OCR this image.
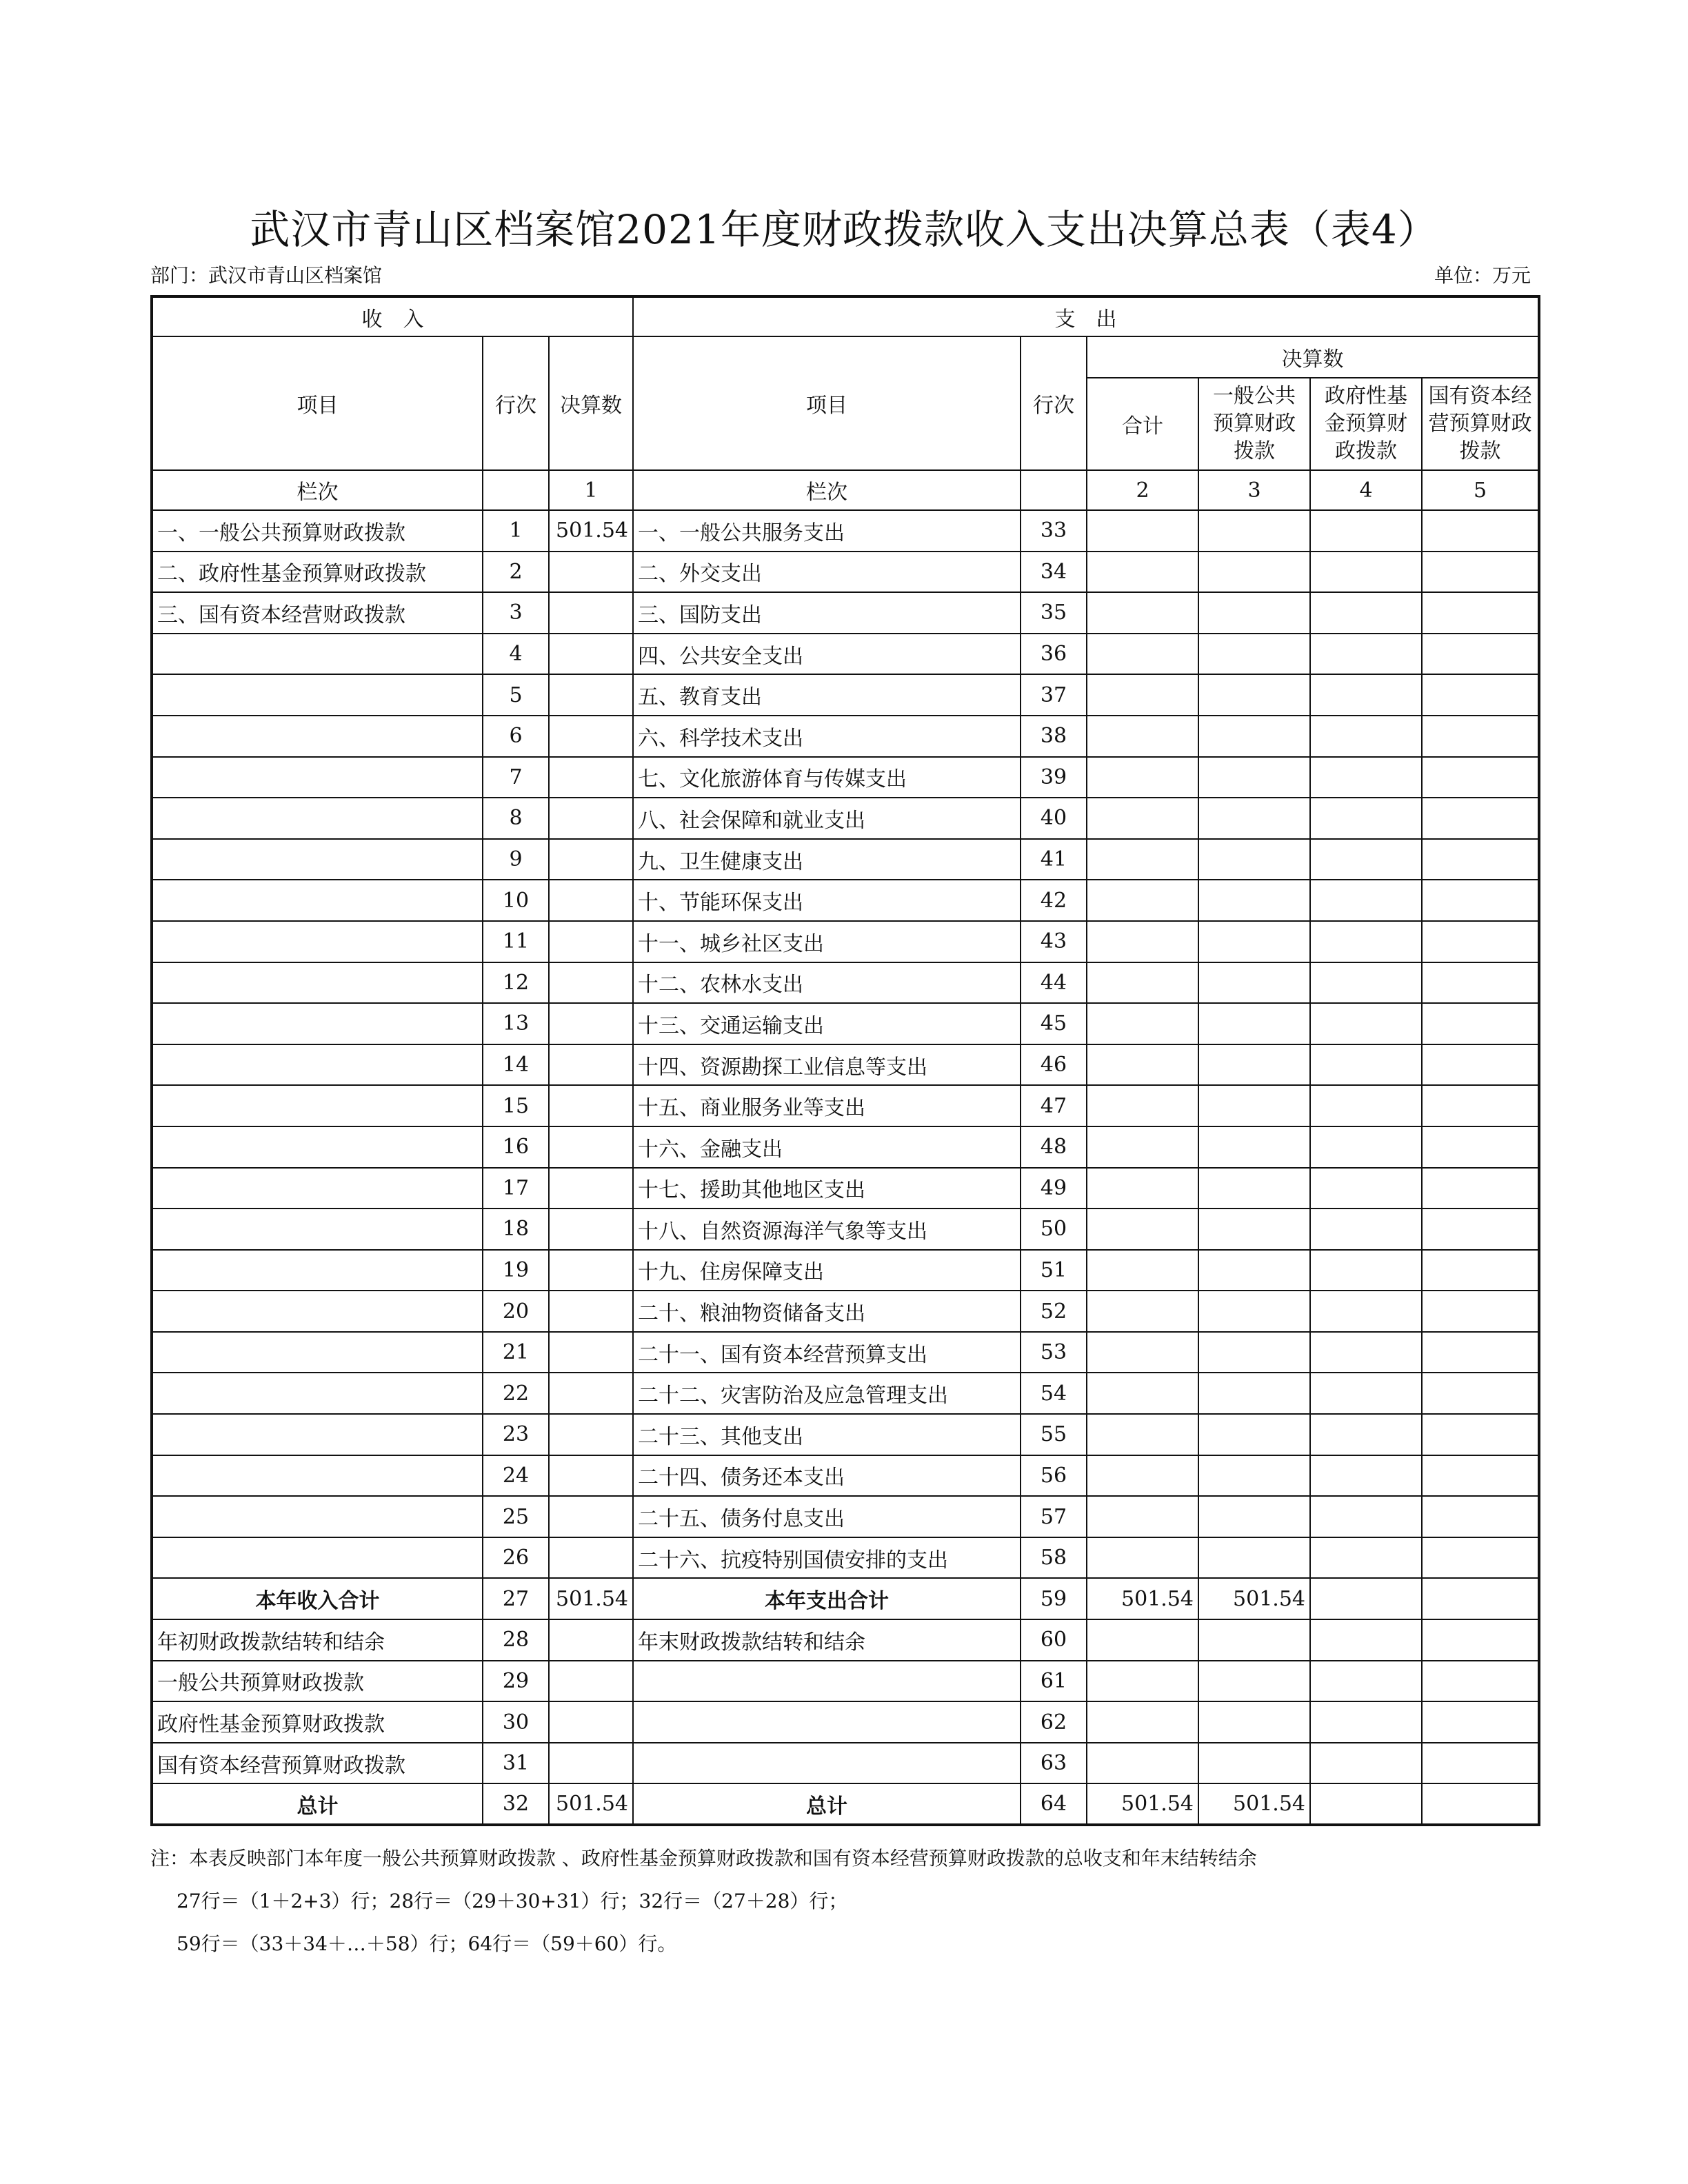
武汉市青山区档案馆2021年度财政拨款收入支出决算总表（表4）
部门：武汉市青山区档案馆	单位：万元
收　入			支　出					
项目	行次	决算数	项目	行次	决算数			
					合计	一般公共预算财政拨款	政府性基金预算财政拨款	国有资本经营预算财政拨款
栏次		1	栏次		2	3	4	5
一、一般公共预算财政拨款	1	501.54	一、一般公共服务支出	33				
二、政府性基金预算财政拨款	2		二、外交支出	34				
三、国有资本经营财政拨款	3		三、国防支出	35				
	4		四、公共安全支出	36				
	5		五、教育支出	37				
	6		六、科学技术支出	38				
	7		七、文化旅游体育与传媒支出	39				
	8		八、社会保障和就业支出	40				
	9		九、卫生健康支出	41				
	10		十、节能环保支出	42				
	11		十一、城乡社区支出	43				
	12		十二、农林水支出	44				
	13		十三、交通运输支出	45				
	14		十四、资源勘探工业信息等支出	46				
	15		十五、商业服务业等支出	47				
	16		十六、金融支出	48				
	17		十七、援助其他地区支出	49				
	18		十八、自然资源海洋气象等支出	50				
	19		十九、住房保障支出	51				
	20		二十、粮油物资储备支出	52				
	21		二十一、国有资本经营预算支出	53				
	22		二十二、灾害防治及应急管理支出	54				
	23		二十三、其他支出	55				
	24		二十四、债务还本支出	56				
	25		二十五、债务付息支出	57				
	26		二十六、抗疫特别国债安排的支出	58				
本年收入合计	27	501.54	本年支出合计	59	501.54	501.54		
年初财政拨款结转和结余	28		年末财政拨款结转和结余	60				
一般公共预算财政拨款	29			61				
政府性基金预算财政拨款	30			62				
国有资本经营预算财政拨款	31			63				
总计	32	501.54	总计	64	501.54	501.54		
注：本表反映部门本年度一般公共预算财政拨款 、政府性基金预算财政拨款和国有资本经营预算财政拨款的总收支和年末结转结余
27行＝（1＋2+3）行；28行＝（29＋30+31）行；32行＝（27＋28）行；
59行＝（33＋34＋…＋58）行；64行＝（59＋60）行。
